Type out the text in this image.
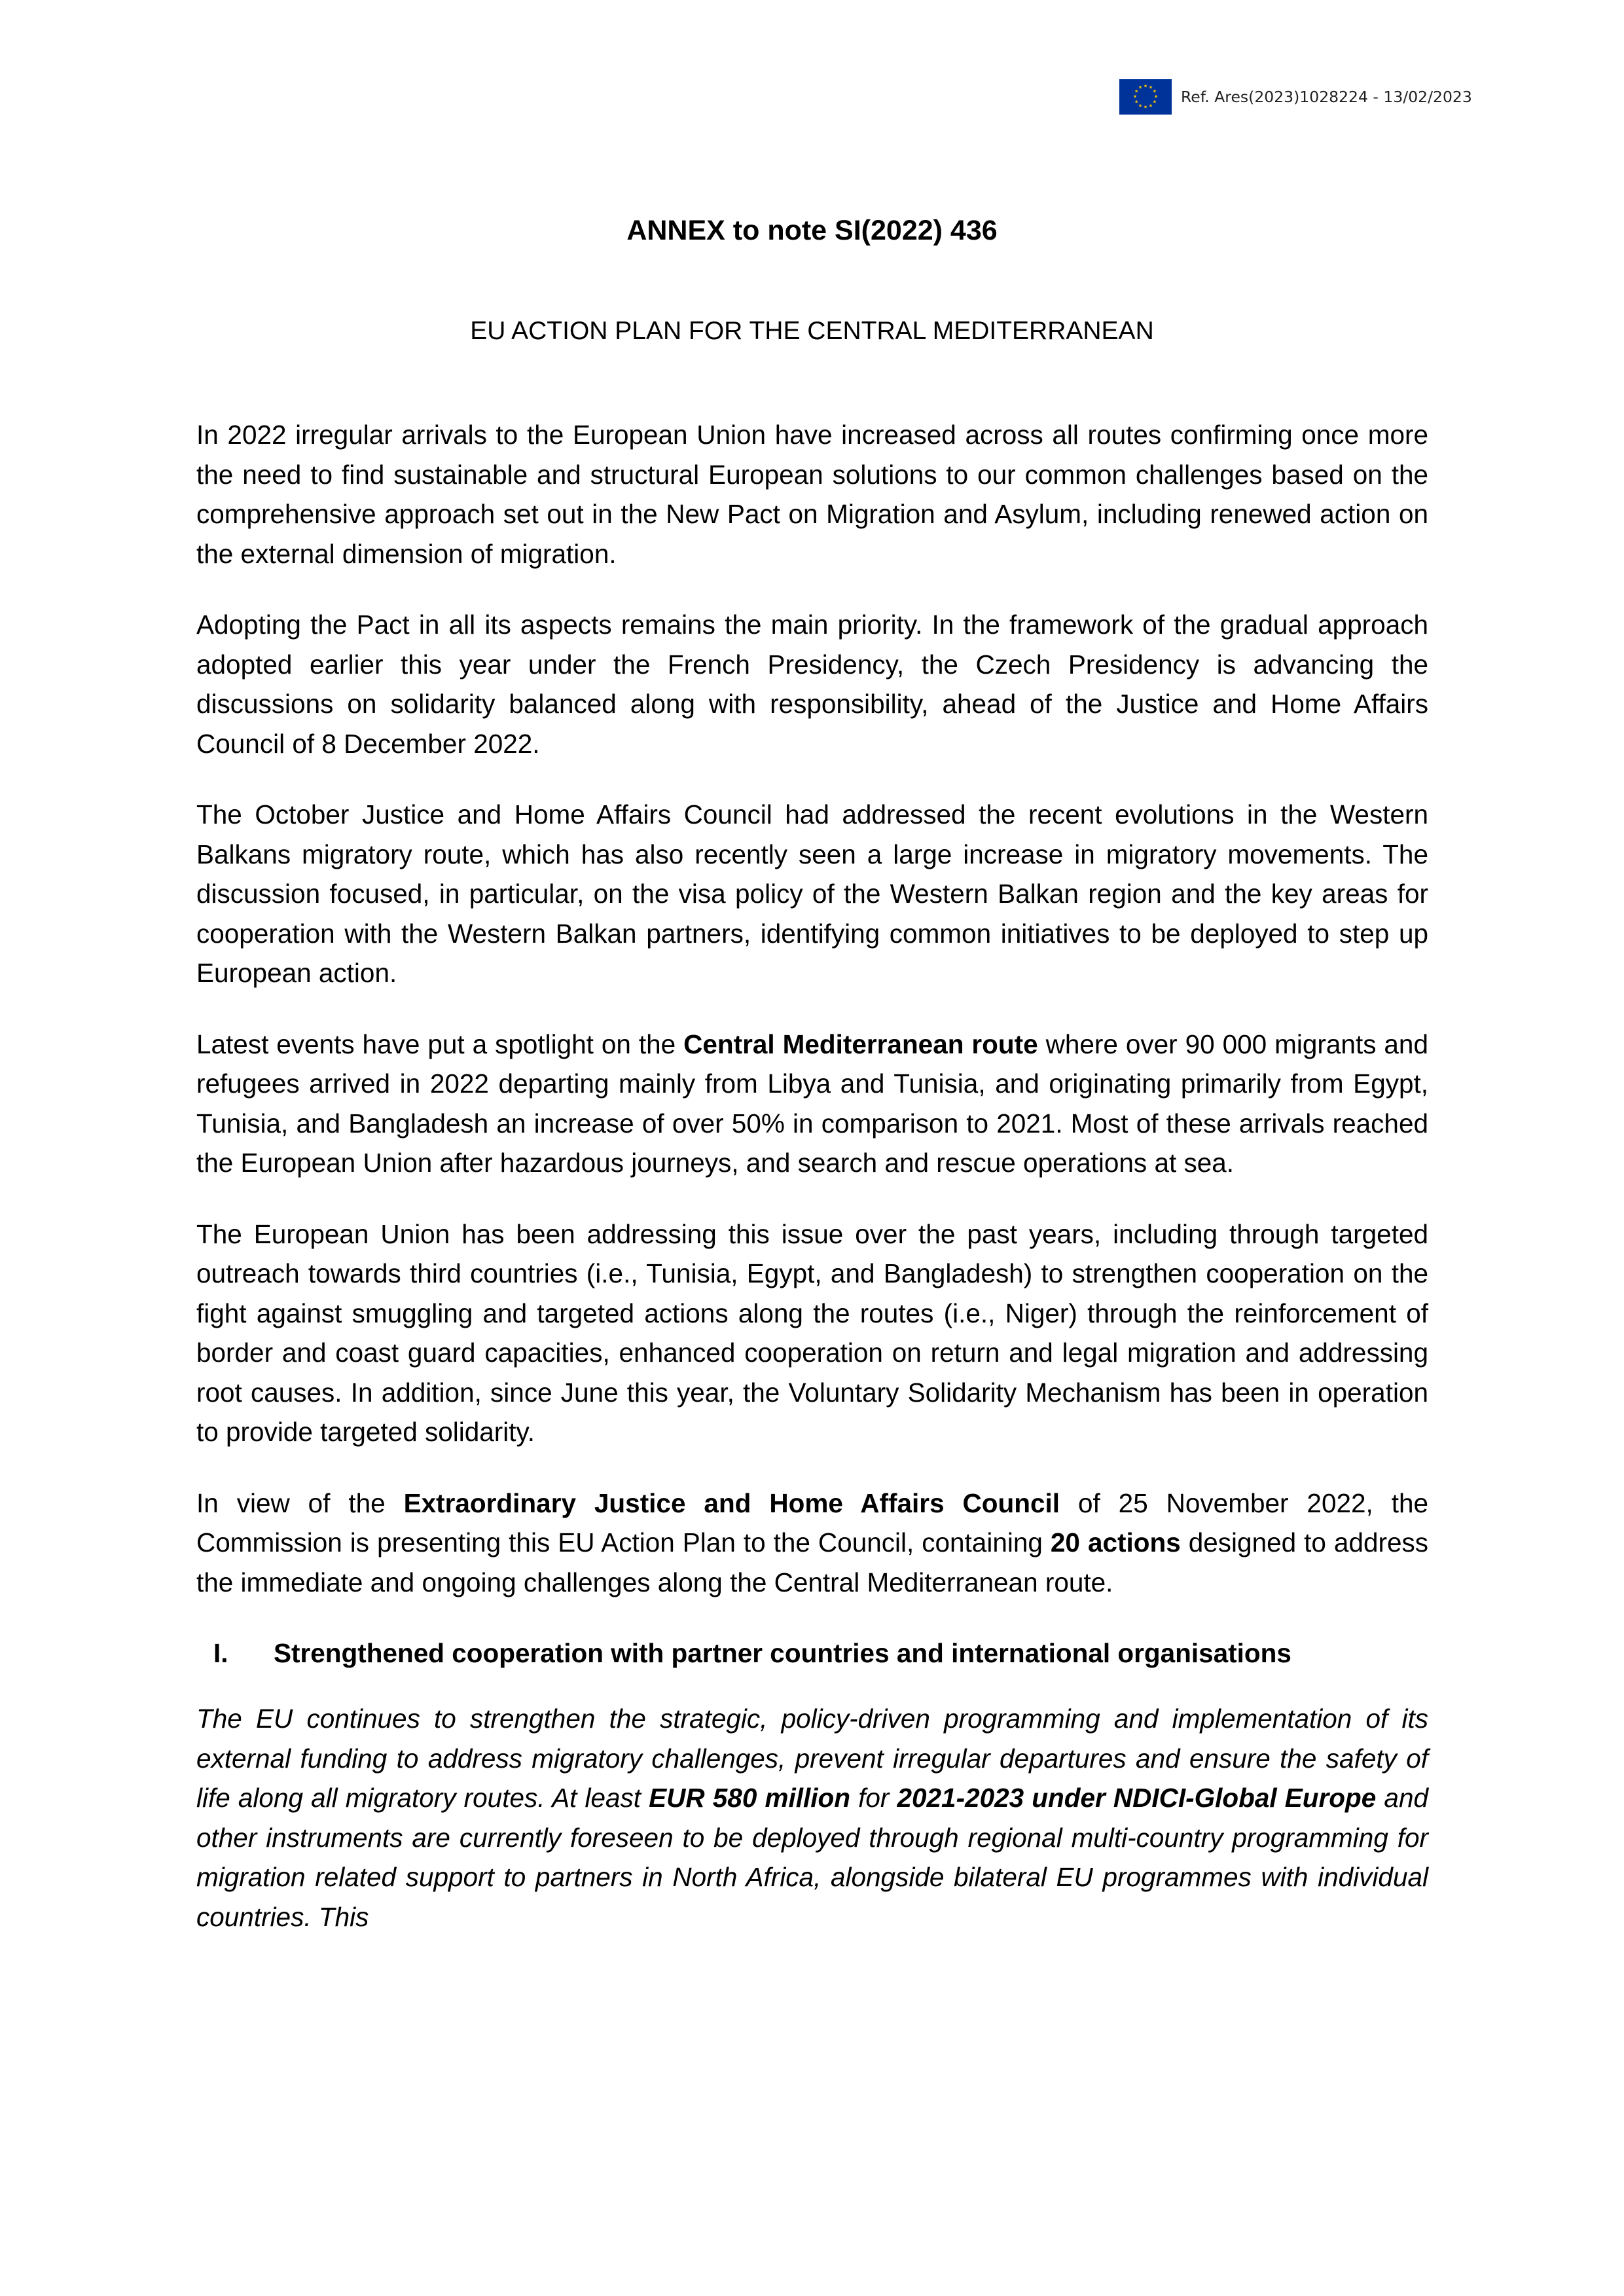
★ ★
★
★
★
★
★
★
★
★
★
★
Ref. Ares(2023)1028224 - 13/02/2023
ANNEX to note SI(2022) 436
EU ACTION PLAN FOR THE CENTRAL MEDITERRANEAN

In 2022 irregular arrivals to the European Union have increased across all routes confirming once more the need to find sustainable and structural European solutions to our common challenges based on the comprehensive approach set out in the New Pact on Migration and Asylum, including renewed action on the external dimension of migration.

Adopting the Pact in all its aspects remains the main priority. In the framework of the gradual approach adopted earlier this year under the French Presidency, the Czech Presidency is advancing the discussions on solidarity balanced along with responsibility, ahead of the Justice and Home Affairs Council of 8 December 2022.

The October Justice and Home Affairs Council had addressed the recent evolutions in the Western Balkans migratory route, which has also recently seen a large increase in migratory movements. The discussion focused, in particular, on the visa policy of the Western Balkan region and the key areas for cooperation with the Western Balkan partners, identifying common initiatives to be deployed to step up European action.

Latest events have put a spotlight on the Central Mediterranean route where over 90 000 migrants and refugees arrived in 2022 departing mainly from Libya and Tunisia, and originating primarily from Egypt, Tunisia, and Bangladesh an increase of over 50% in comparison to 2021. Most of these arrivals reached the European Union after hazardous journeys, and search and rescue operations at sea.

The European Union has been addressing this issue over the past years, including through targeted outreach towards third countries (i.e., Tunisia, Egypt, and Bangladesh) to strengthen cooperation on the fight against smuggling and targeted actions along the routes (i.e., Niger) through the reinforcement of border and coast guard capacities, enhanced cooperation on return and legal migration and addressing root causes. In addition, since June this year, the Voluntary Solidarity Mechanism has been in operation to provide targeted solidarity.

In view of the Extraordinary Justice and Home Affairs Council of 25 November 2022, the Commission is presenting this EU Action Plan to the Council, containing 20 actions designed to address the immediate and ongoing challenges along the Central Mediterranean route.

I.	Strengthened cooperation with partner countries and international organisations

The EU continues to strengthen the strategic, policy-driven programming and implementation of its external funding to address migratory challenges, prevent irregular departures and ensure the safety of life along all migratory routes. At least EUR 580 million for 2021-2023 under NDICI-Global Europe and other instruments are currently foreseen to be deployed through regional multi-country programming for migration related support to partners in North Africa, alongside bilateral EU programmes with individual countries. This
